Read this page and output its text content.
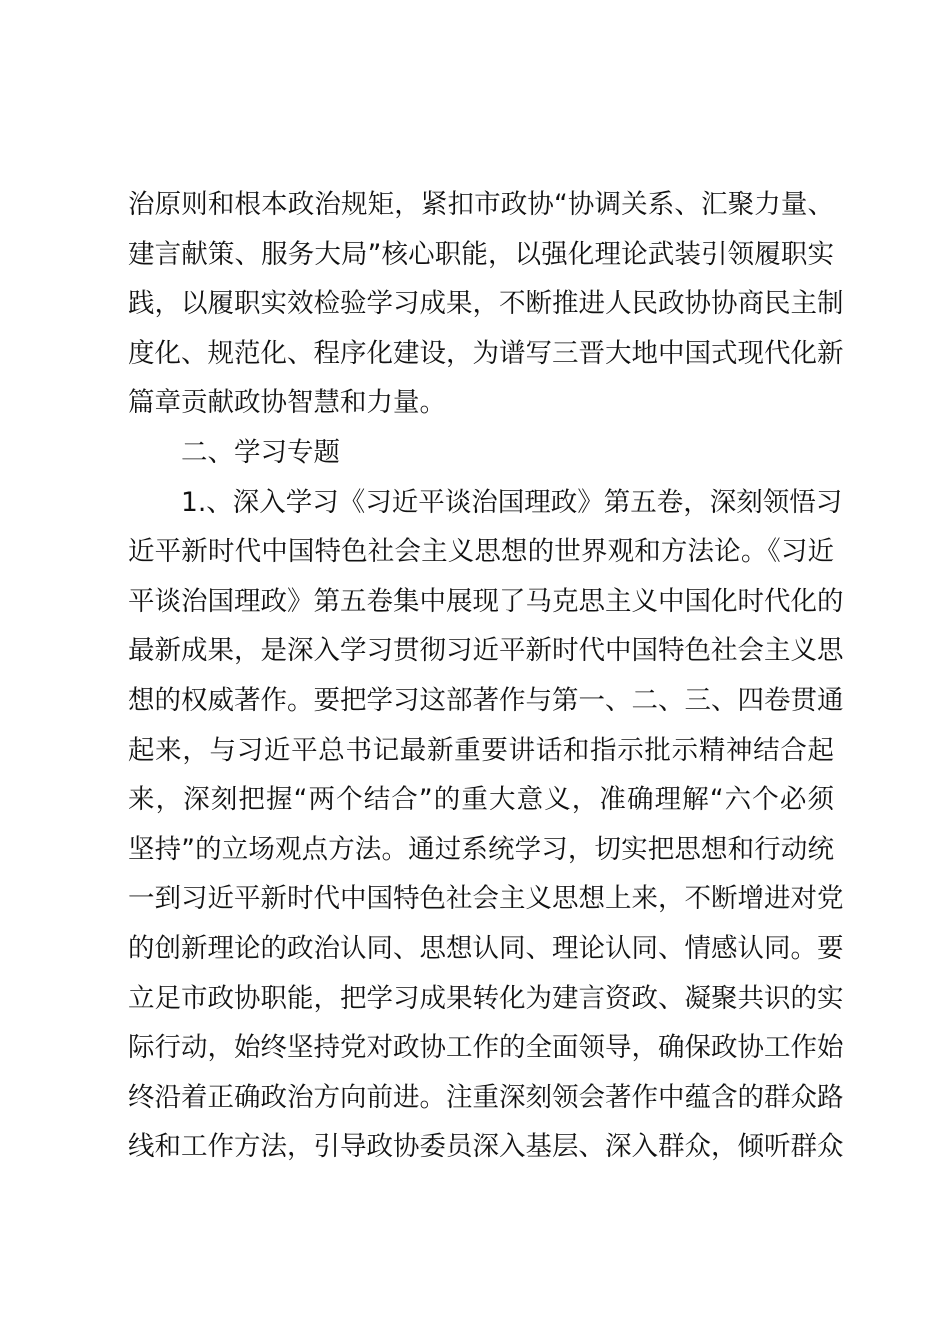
治原则和根本政治规矩，紧扣市政协“协调关系、汇聚力量、
建言献策、服务大局”核心职能，以强化理论武装引领履职实
践，以履职实效检验学习成果，不断推进人民政协协商民主制
度化、规范化、程序化建设，为谱写三晋大地中国式现代化新
篇章贡献政协智慧和力量。
二、学习专题
1.、深入学习《习近平谈治国理政》第五卷，深刻领悟习
近平新时代中国特色社会主义思想的世界观和方法论。《习近
平谈治国理政》第五卷集中展现了马克思主义中国化时代化的
最新成果，是深入学习贯彻习近平新时代中国特色社会主义思
想的权威著作。要把学习这部著作与第一、二、三、四卷贯通
起来，与习近平总书记最新重要讲话和指示批示精神结合起
来，深刻把握“两个结合”的重大意义，准确理解“六个必须
坚持”的立场观点方法。通过系统学习，切实把思想和行动统
一到习近平新时代中国特色社会主义思想上来，不断增进对党
的创新理论的政治认同、思想认同、理论认同、情感认同。要
立足市政协职能，把学习成果转化为建言资政、凝聚共识的实
际行动，始终坚持党对政协工作的全面领导，确保政协工作始
终沿着正确政治方向前进。注重深刻领会著作中蕴含的群众路
线和工作方法，引导政协委员深入基层、深入群众，倾听群众
